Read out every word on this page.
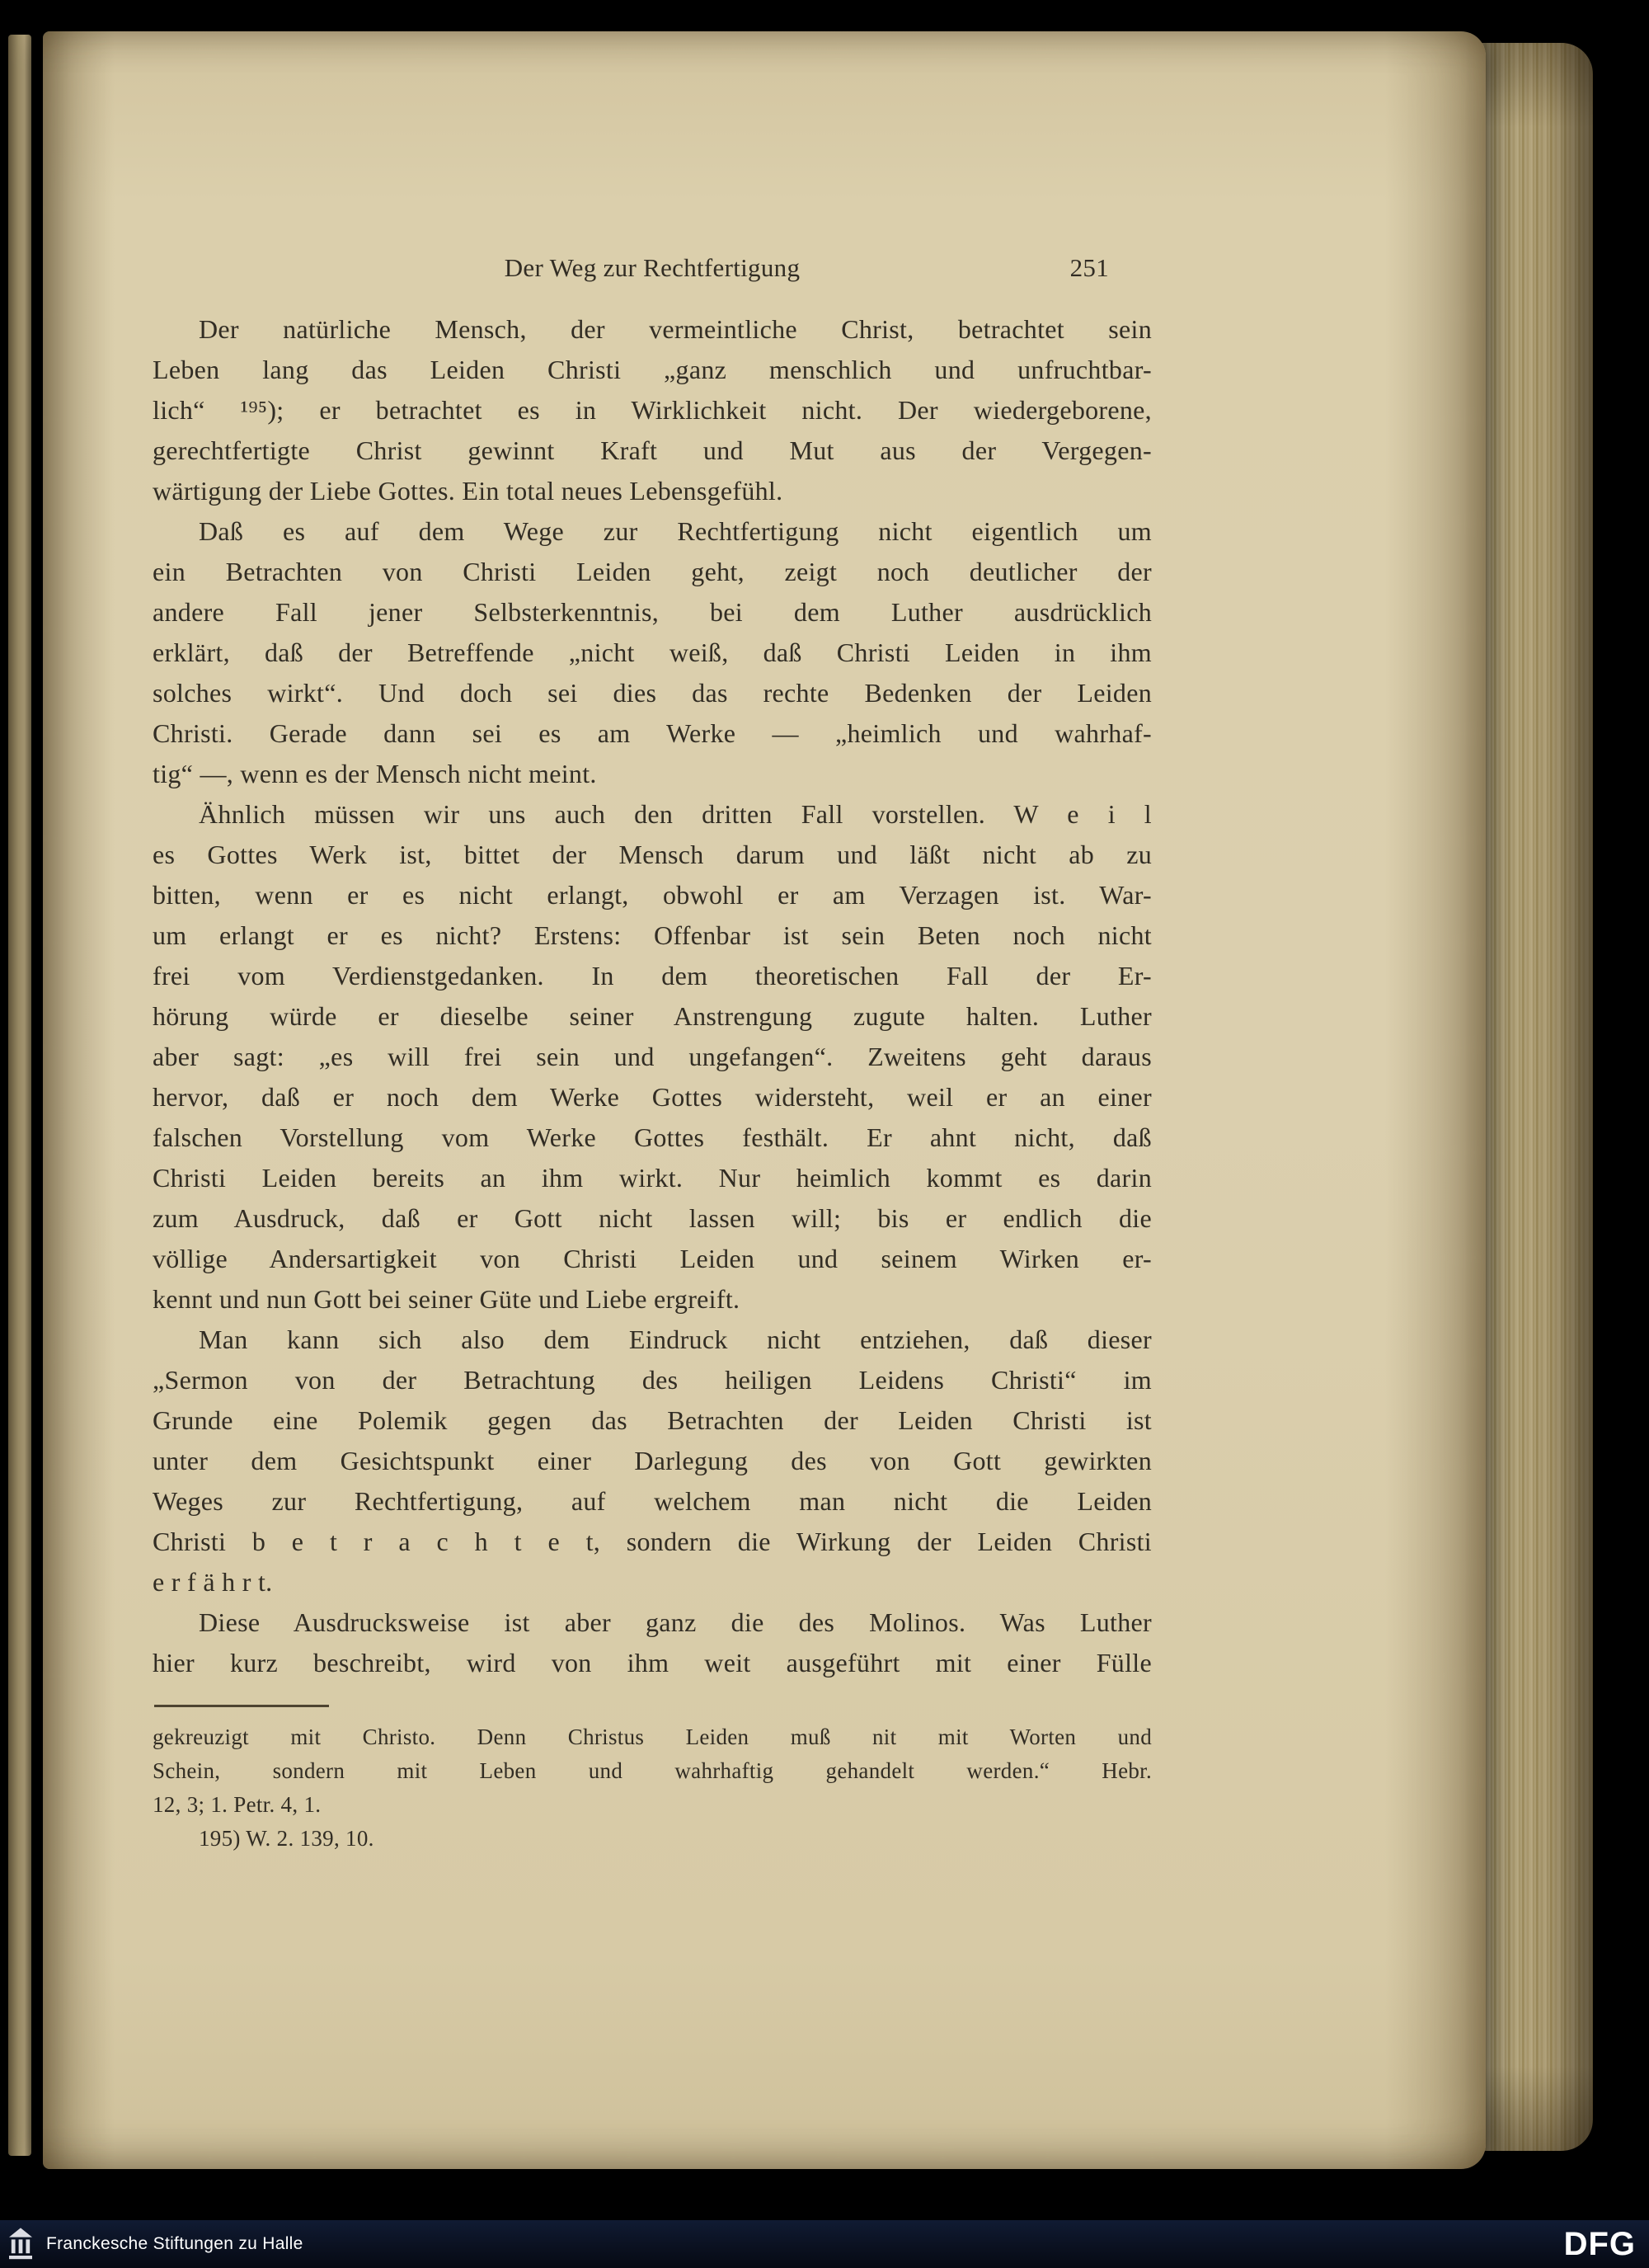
Der Weg zur Rechtfertigung	251
Der natürliche Mensch, der vermeintliche Christ, betrachtet sein
Leben lang das Leiden Christi „ganz menschlich und unfruchtbar-
lich“ ¹⁹⁵); er betrachtet es in Wirklichkeit nicht. Der wiedergeborene,
gerechtfertigte Christ gewinnt Kraft und Mut aus der Vergegen-
wärtigung der Liebe Gottes. Ein total neues Lebensgefühl.
Daß es auf dem Wege zur Rechtfertigung nicht eigentlich um
ein Betrachten von Christi Leiden geht, zeigt noch deutlicher der
andere Fall jener Selbsterkenntnis, bei dem Luther ausdrücklich
erklärt, daß der Betreffende „nicht weiß, daß Christi Leiden in ihm
solches wirkt“. Und doch sei dies das rechte Bedenken der Leiden
Christi. Gerade dann sei es am Werke — „heimlich und wahrhaf-
tig“ —, wenn es der Mensch nicht meint.
Ähnlich müssen wir uns auch den dritten Fall vorstellen. W e i l
es Gottes Werk ist, bittet der Mensch darum und läßt nicht ab zu
bitten, wenn er es nicht erlangt, obwohl er am Verzagen ist. War-
um erlangt er es nicht? Erstens: Offenbar ist sein Beten noch nicht
frei vom Verdienstgedanken. In dem theoretischen Fall der Er-
hörung würde er dieselbe seiner Anstrengung zugute halten. Luther
aber sagt: „es will frei sein und ungefangen“. Zweitens geht daraus
hervor, daß er noch dem Werke Gottes widersteht, weil er an einer
falschen Vorstellung vom Werke Gottes festhält. Er ahnt nicht, daß
Christi Leiden bereits an ihm wirkt. Nur heimlich kommt es darin
zum Ausdruck, daß er Gott nicht lassen will; bis er endlich die
völlige Andersartigkeit von Christi Leiden und seinem Wirken er-
kennt und nun Gott bei seiner Güte und Liebe ergreift.
Man kann sich also dem Eindruck nicht entziehen, daß dieser
„Sermon von der Betrachtung des heiligen Leidens Christi“ im
Grunde eine Polemik gegen das Betrachten der Leiden Christi ist
unter dem Gesichtspunkt einer Darlegung des von Gott gewirkten
Weges zur Rechtfertigung, auf welchem man nicht die Leiden
Christi b e t r a c h t e t, sondern die Wirkung der Leiden Christi
e r f ä h r t.
Diese Ausdrucksweise ist aber ganz die des Molinos. Was Luther
hier kurz beschreibt, wird von ihm weit ausgeführt mit einer Fülle
gekreuzigt mit Christo. Denn Christus Leiden muß nit mit Worten und
Schein, sondern mit Leben und wahrhaftig gehandelt werden.“ Hebr.
12, 3; 1. Petr. 4, 1.
195) W. 2. 139, 10.
Franckesche Stiftungen zu Halle	DFG
